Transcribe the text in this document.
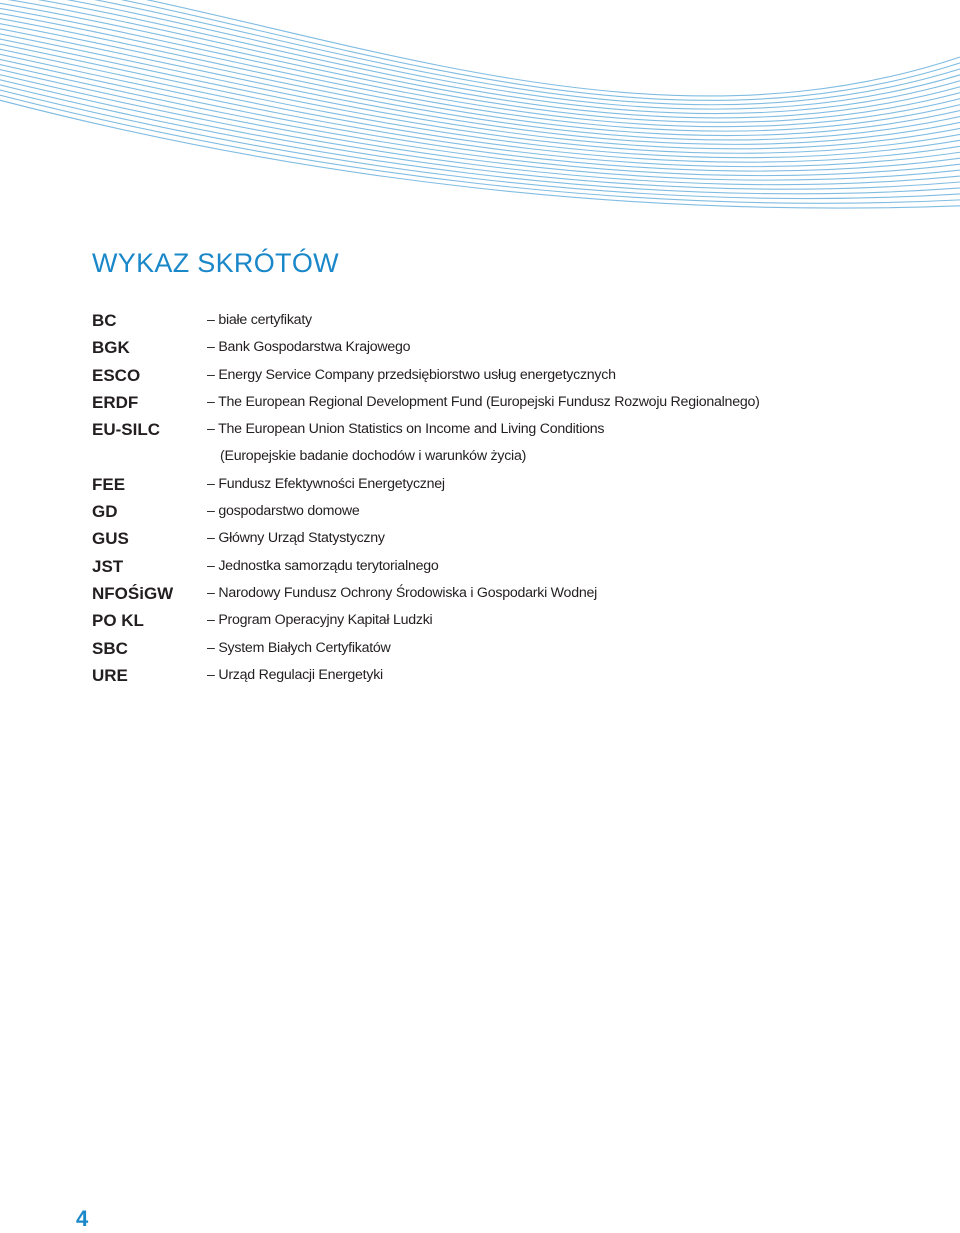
WYKAZ SKRÓTÓW
BC	– białe certyfikaty
BGK	– Bank Gospodarstwa Krajowego
ESCO	– Energy Service Company przedsiębiorstwo usług energetycznych
ERDF	– The European Regional Development Fund (Europejski Fundusz Rozwoju Regionalnego)
EU-SILC	– The European Union Statistics on Income and Living Conditions
(Europejskie badanie dochodów i warunków życia)
FEE	– Fundusz Efektywności Energetycznej
GD	– gospodarstwo domowe
GUS	– Główny Urząd Statystyczny
JST	– Jednostka samorządu terytorialnego
NFOŚiGW – Narodowy Fundusz Ochrony Środowiska i Gospodarki Wodnej
PO KL	– Program Operacyjny Kapitał Ludzki
SBC	– System Białych Certyfikatów
URE	– Urząd Regulacji Energetyki
4
